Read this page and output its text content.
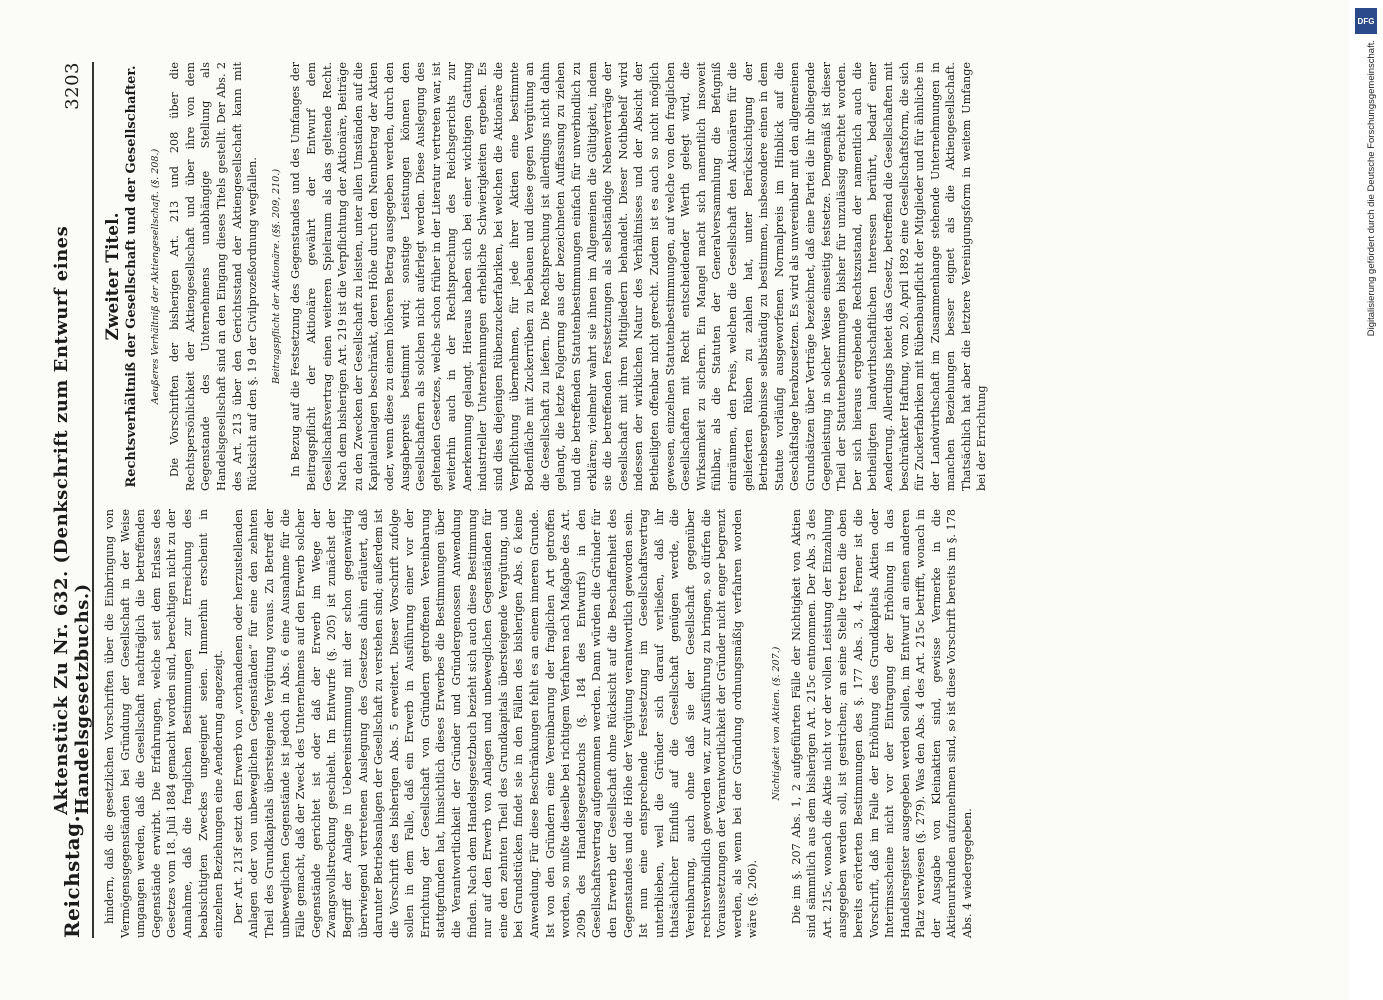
Reichstag.
Aktenstück Zu Nr. 632. (Denkschrift zum Entwurf eines Handelsgesetzbuchs.)
3203

hindern, daß die gesetzlichen Vorschriften über die Einbringung von Vermögensgegenständen bei Gründung der Gesellschaft in der Weise umgangen werden, daß die Gesellschaft nachträglich die betreffenden Gegenstände erwirbt. Die Erfahrungen, welche seit dem Erlasse des Gesetzes vom 18. Juli 1884 gemacht worden sind, berechtigen nicht zu der Annahme, daß die fraglichen Bestimmungen zur Erreichung des beabsichtigten Zweckes ungeeignet seien. Immerhin erscheint in einzelnen Beziehungen eine Aenderung angezeigt. Der Art. 213f setzt den Erwerb von „vorhandenen oder herzustellenden Anlagen oder von unbeweglichen Gegenständen“ für eine den zehnten Theil des Grundkapitals übersteigende Vergütung voraus. Zu Betreff der unbeweglichen Gegenstände ist jedoch in Abs. 6 eine Ausnahme für die Fälle gemacht, daß der Zweck des Unternehmens auf den Erwerb solcher Gegenstände gerichtet ist oder daß der Erwerb im Wege der Zwangsvollstreckung geschieht. Im Entwurfe (§. 205) ist zunächst der Begriff der Anlage in Uebereinstimmung mit der schon gegenwärtig überwiegend vertretenen Auslegung des Gesetzes dahin erläutert, daß darunter Betriebsanlagen der Gesellschaft zu verstehen sind; außerdem ist die Vorschrift des bisherigen Abs. 5 erweitert. Dieser Vorschrift zufolge sollen in dem Falle, daß ein Erwerb in Ausführung einer vor der Errichtung der Gesellschaft von Gründern getroffenen Vereinbarung stattgefunden hat, hinsichtlich dieses Erwerbes die Bestimmungen über die Verantwortlichkeit der Gründer und Gründergenossen Anwendung finden. Nach dem Handelsgesetzbuch bezieht sich auch diese Bestimmung nur auf den Erwerb von Anlagen und unbeweglichen Gegenständen für eine den zehnten Theil des Grundkapitals übersteigende Vergütung, und bei Grundstücken findet sie in den Fällen des bisherigen Abs. 6 keine Anwendung. Für diese Beschränkungen fehlt es an einem inneren Grunde. Ist von den Gründern eine Vereinbarung der fraglichen Art getroffen worden, so mußte dieselbe bei richtigem Verfahren nach Maßgabe des Art. 209b des Handelsgesetzbuchs (§. 184 des Entwurfs) in den Gesellschaftsvertrag aufgenommen werden. Dann würden die Gründer für den Erwerb der Gesellschaft ohne Rücksicht auf die Beschaffenheit des Gegenstandes und die Höhe der Vergütung verantwortlich geworden sein. Ist nun eine entsprechende Festsetzung im Gesellschaftsvertrag unterblieben, weil die Gründer sich darauf verließen, daß ihr thatsächlicher Einfluß auf die Gesellschaft genügen werde, die Vereinbarung, auch ohne daß sie der Gesellschaft gegenüber rechtsverbindlich geworden war, zur Ausführung zu bringen, so dürfen die Voraussetzungen der Verantwortlichkeit der Gründer nicht enger begrenzt werden, als wenn bei der Gründung ordnungsmäßig verfahren worden wäre (§. 206).

Nichtigkeit von Aktien. (§. 207.) Die im §. 207 Abs. 1, 2 aufgeführten Fälle der Nichtigkeit von Aktien sind sämmtlich aus dem bisherigen Art. 215c entnommen. Der Abs. 3 des Art. 215c, wonach die Aktie nicht vor der vollen Leistung der Einzahlung ausgegeben werden soll, ist gestrichen; an seine Stelle treten die oben bereits erörterten Bestimmungen des §. 177 Abs. 3, 4. Ferner ist die Vorschrift, daß im Falle der Erhöhung des Grundkapitals Aktien oder Interimsscheine nicht vor der Eintragung der Erhöhung in das Handelsregister ausgegeben werden sollen, im Entwurf an einen anderen Platz verwiesen (§. 279). Was den Abs. 4 des Art. 215c betrifft, wonach in der Ausgabe von Kleinaktien sind, gewisse Vermerke in die Aktienurkunden aufzunehmen sind, so ist diese Vorschrift bereits im §. 178 Abs. 4 wiedergegeben.

Zweiter Titel. Rechtsverhältniß der Gesellschaft und der Gesellschafter. Aeußeres Verhältniß der Aktiengesellschaft. (§. 208.) Die Vorschriften der bisherigen Art. 213 und 208 über die Rechtspersönlichkeit der Aktiengesellschaft und über ihre von dem Gegenstande des Unternehmens unabhängige Stellung als Handelsgesellschaft sind an den Eingang dieses Titels gestellt. Der Abs. 2 des Art. 213 über den Gerichtsstand der Aktiengesellschaft kann mit Rücksicht auf den §. 19 der Civilprozeßordnung wegfallen. Beitragspflicht der Aktionäre. (§§. 209, 210.) In Bezug auf die Festsetzung des Gegenstandes und des Umfanges der Beitragspflicht der Aktionäre gewährt der Entwurf dem Gesellschaftsvertrag einen weiteren Spielraum als das geltende Recht. Nach dem bisherigen Art. 219 ist die Verpflichtung der Aktionäre, Beiträge zu den Zwecken der Gesellschaft zu leisten, unter allen Umständen auf die Kapitaleinlagen beschränkt, deren Höhe durch den Nennbetrag der Aktien oder, wenn diese zu einem höheren Betrag ausgegeben werden, durch den Ausgabepreis bestimmt wird; sonstige Leistungen können den Gesellschaftern als solchen nicht auferlegt werden. Diese Auslegung des geltenden Gesetzes, welche schon früher in der Literatur vertreten war, ist weiterhin auch in der Rechtsprechung des Reichsgerichts zur Anerkennung gelangt. Hieraus haben sich bei einer wichtigen Gattung industrieller Unternehmungen erhebliche Schwierigkeiten ergeben. Es sind dies diejenigen Rübenzuckerfabriken, bei welchen die Aktionäre die Verpflichtung übernehmen, für jede ihrer Aktien eine bestimmte Bodenfläche mit Zuckerrüben zu bebauen und diese gegen Vergütung an die Gesellschaft zu liefern. Die Rechtsprechung ist allerdings nicht dahin gelangt, die letzte Folgerung aus der bezeichneten Auffassung zu ziehen und die betreffenden Statutenbestimmungen einfach für unverbindlich zu erklären; vielmehr wahrt sie ihnen im Allgemeinen die Gültigkeit, indem sie die betreffenden Festsetzungen als selbständige Nebenverträge der Gesellschaft mit ihren Mitgliedern behandelt. Dieser Nothbehelf wird indessen der wirklichen Natur des Verhältnisses und der Absicht der Betheiligten offenbar nicht gerecht. Zudem ist es auch so nicht möglich gewesen, einzelnen Statutenbestimmungen, auf welche von den fraglichen Gesellschaften mit Recht entscheidender Werth gelegt wird, die Wirksamkeit zu sichern. Ein Mangel macht sich namentlich insoweit fühlbar, als die Statuten der Generalversammlung die Befugniß einräumen, den Preis, welchen die Gesellschaft den Aktionären für die gelieferten Rüben zu zahlen hat, unter Berücksichtigung der Betriebsergebnisse selbständig zu bestimmen, insbesondere einen in dem Statute vorläufig ausgeworfenen Normalpreis im Hinblick auf die Geschäftslage herabzusetzen. Es wird als unvereinbar mit den allgemeinen Grundsätzen über Verträge bezeichnet, daß eine Partei die ihr obliegende Gegenleistung in solcher Weise einseitig festsetze. Demgemäß ist dieser Theil der Statutenbestimmungen bisher für unzulässig erachtet worden. Der sich hieraus ergebende Rechtszustand, der namentlich auch die betheiligten landwirthschaftlichen Interessen berührt, bedarf einer Aenderung. Allerdings bietet das Gesetz, betreffend die Gesellschaften mit beschränkter Haftung, vom 20. April 1892 eine Gesellschaftsform, die sich für Zuckerfabriken mit Rübenbaupflicht der Mitglieder und für ähnliche in der Landwirthschaft im Zusammenhange stehende Unternehmungen in manchen Beziehungen besser eignet als die Aktiengesellschaft. Thatsächlich hat aber die letztere Vereinigungsform in weitem Umfange bei der Errichtung

DFG
Digitalisierung gefördert durch die Deutsche Forschungsgemeinschaft.
